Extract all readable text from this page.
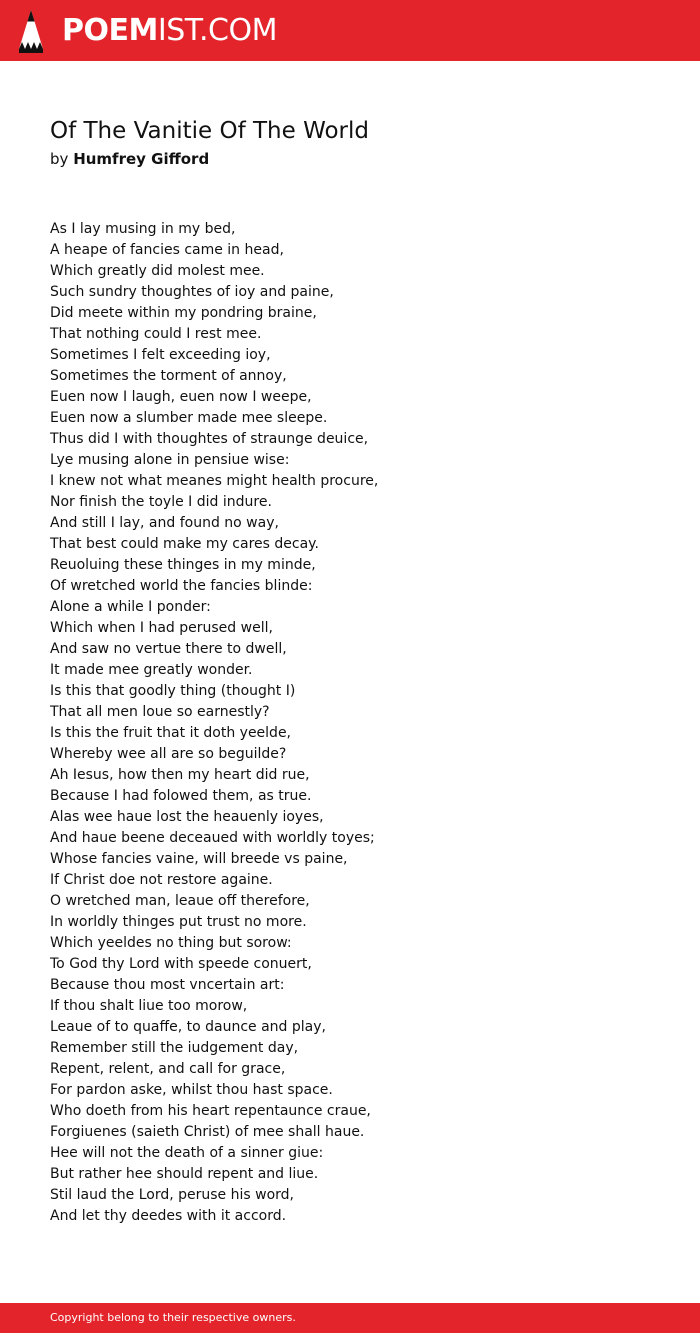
POEMIST.COM
Of The Vanitie Of The World
by Humfrey Gifford
As I lay musing in my bed,
A heape of fancies came in head,
Which greatly did molest mee.
Such sundry thoughtes of ioy and paine,
Did meete within my pondring braine,
That nothing could I rest mee.
Sometimes I felt exceeding ioy,
Sometimes the torment of annoy,
Euen now I laugh, euen now I weepe,
Euen now a slumber made mee sleepe.
Thus did I with thoughtes of straunge deuice,
Lye musing alone in pensiue wise:
I knew not what meanes might health procure,
Nor finish the toyle I did indure.
And still I lay, and found no way,
That best could make my cares decay.
Reuoluing these thinges in my minde,
Of wretched world the fancies blinde:
Alone a while I ponder:
Which when I had perused well,
And saw no vertue there to dwell,
It made mee greatly wonder.
Is this that goodly thing (thought I)
That all men loue so earnestly?
Is this the fruit that it doth yeelde,
Whereby wee all are so beguilde?
Ah Iesus, how then my heart did rue,
Because I had folowed them, as true.
Alas wee haue lost the heauenly ioyes,
And haue beene deceaued with worldly toyes;
Whose fancies vaine, will breede vs paine,
If Christ doe not restore againe.
O wretched man, leaue off therefore,
In worldly thinges put trust no more.
Which yeeldes no thing but sorow:
To God thy Lord with speede conuert,
Because thou most vncertain art:
If thou shalt liue too morow,
Leaue of to quaffe, to daunce and play,
Remember still the iudgement day,
Repent, relent, and call for grace,
For pardon aske, whilst thou hast space.
Who doeth from his heart repentaunce craue,
Forgiuenes (saieth Christ) of mee shall haue.
Hee will not the death of a sinner giue:
But rather hee should repent and liue.
Stil laud the Lord, peruse his word,
And let thy deedes with it accord.
Copyright belong to their respective owners.
